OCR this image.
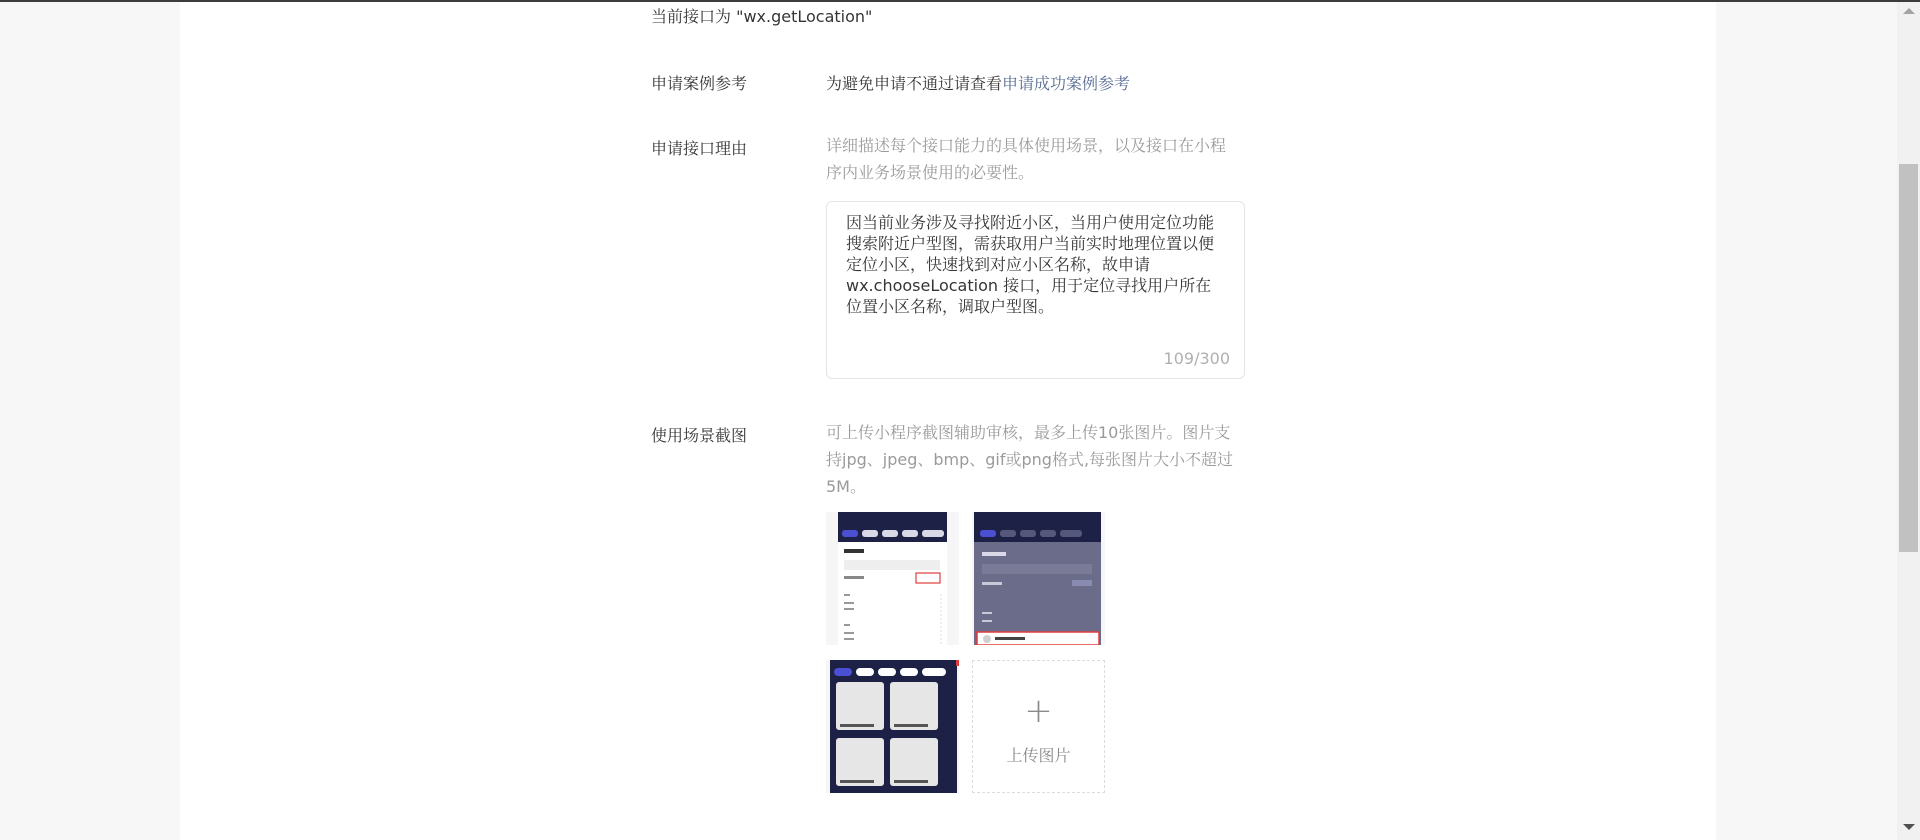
当前接口为 "wx.getLocation"
申请案例参考	为避免申请不通过请查看申请成功案例参考
申请接口理由	详细描述每个接口能力的具体使用场景，以及接口在小程序内业务场景使用的必要性。
因当前业务涉及寻找附近小区，当用户使用定位功能搜索附近户型图，需获取用户当前实时地理位置以便定位小区，快速找到对应小区名称，故申请wx.chooseLocation 接口，用于定位寻找用户所在位置小区名称，调取户型图。
109/300
使用场景截图	可上传小程序截图辅助审核，最多上传10张图片。图片支持jpg、jpeg、bmp、gif或png格式,每张图片大小不超过5M。
+
上传图片
